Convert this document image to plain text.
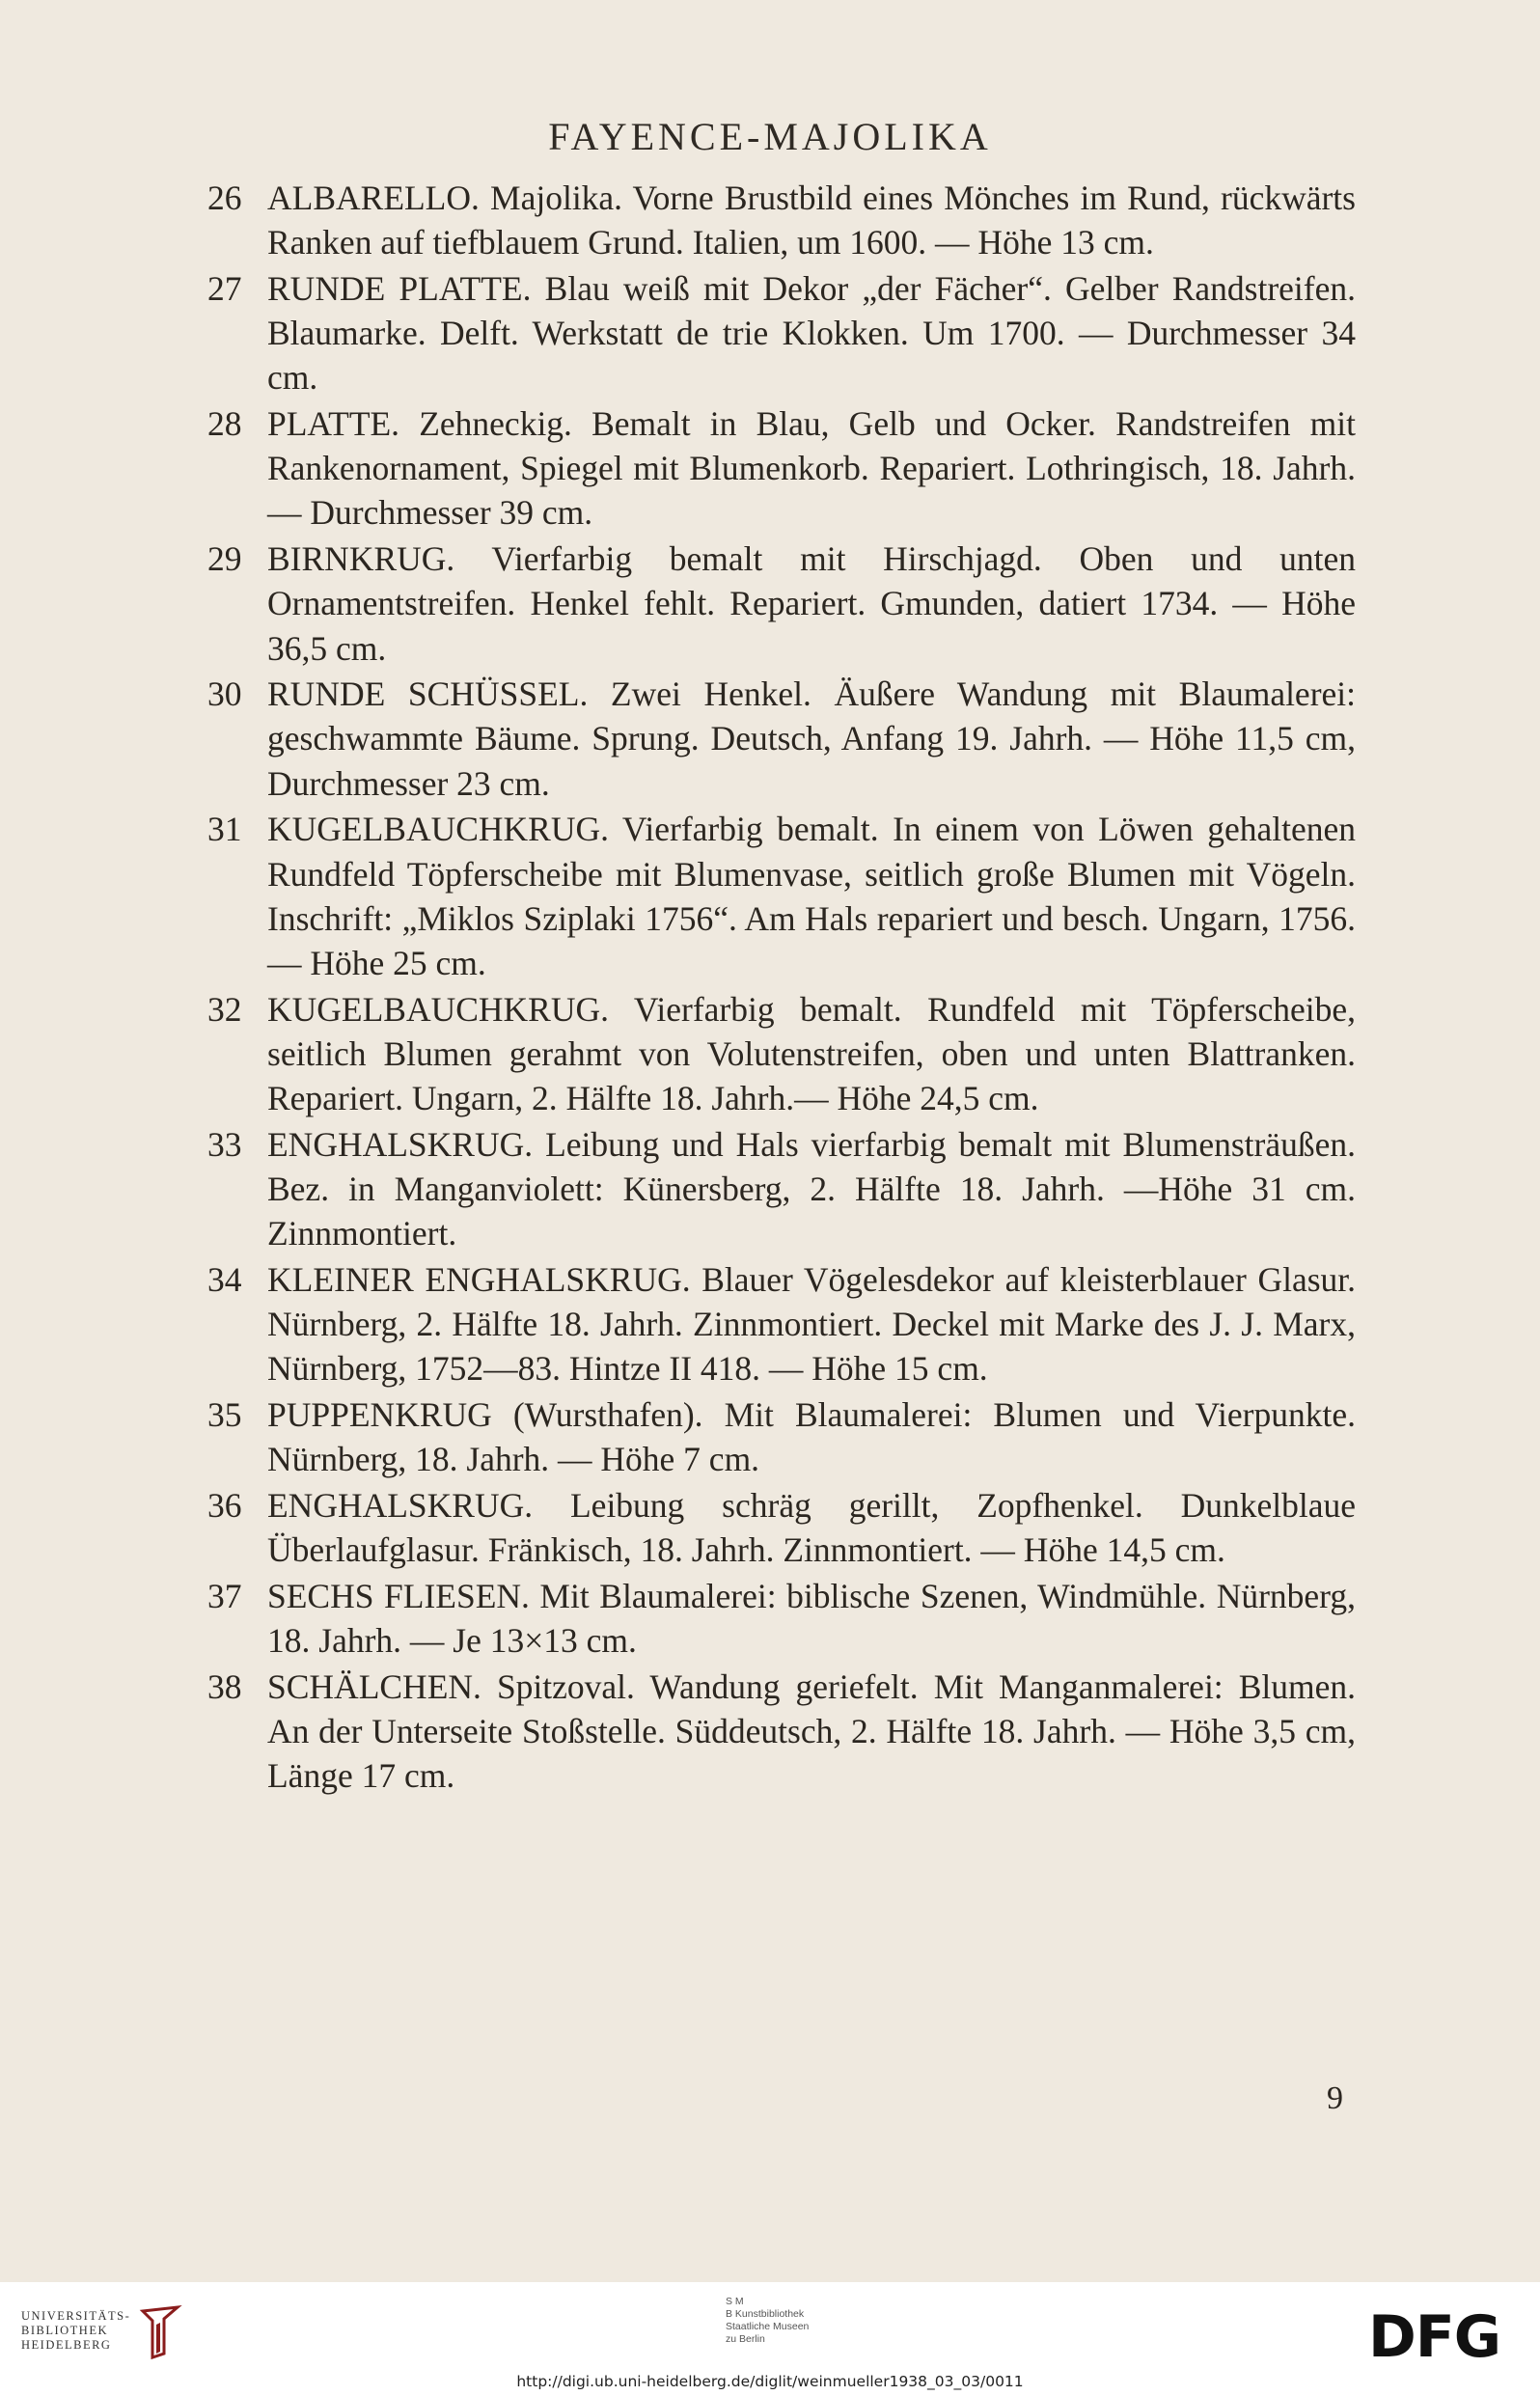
FAYENCE-MAJOLIKA
26 ALBARELLO. Majolika. Vorne Brustbild eines Mönches im Rund, rückwärts Ranken auf tiefblauem Grund. Italien, um 1600. — Höhe 13 cm.
27 RUNDE PLATTE. Blau weiß mit Dekor „der Fächer“. Gelber Randstreifen. Blaumarke. Delft. Werkstatt de trie Klokken. Um 1700. — Durchmesser 34 cm.
28 PLATTE. Zehneckig. Bemalt in Blau, Gelb und Ocker. Randstreifen mit Rankenornament, Spiegel mit Blumenkorb. Repariert. Lothringisch, 18. Jahrh. — Durchmesser 39 cm.
29 BIRNKRUG. Vierfarbig bemalt mit Hirschjagd. Oben und unten Ornamentstreifen. Henkel fehlt. Repariert. Gmunden, datiert 1734. — Höhe 36,5 cm.
30 RUNDE SCHÜSSEL. Zwei Henkel. Äußere Wandung mit Blaumalerei: geschwammte Bäume. Sprung. Deutsch, Anfang 19. Jahrh. — Höhe 11,5 cm, Durchmesser 23 cm.
31 KUGELBAUCHKRUG. Vierfarbig bemalt. In einem von Löwen gehaltenen Rundfeld Töpferscheibe mit Blumenvase, seitlich große Blumen mit Vögeln. Inschrift: „Miklos Sziplaki 1756“. Am Hals repariert und besch. Ungarn, 1756. — Höhe 25 cm.
32 KUGELBAUCHKRUG. Vierfarbig bemalt. Rundfeld mit Töpferscheibe, seitlich Blumen gerahmt von Volutenstreifen, oben und unten Blattranken. Repariert. Ungarn, 2. Hälfte 18. Jahrh.— Höhe 24,5 cm.
33 ENGHALSKRUG. Leibung und Hals vierfarbig bemalt mit Blumensträußen. Bez. in Manganviolett: Künersberg, 2. Hälfte 18. Jahrh. —Höhe 31 cm. Zinnmontiert.
34 KLEINER ENGHALSKRUG. Blauer Vögelesdekor auf kleisterblauer Glasur. Nürnberg, 2. Hälfte 18. Jahrh. Zinnmontiert. Deckel mit Marke des J. J. Marx, Nürnberg, 1752—83. Hintze II 418. — Höhe 15 cm.
35 PUPPENKRUG (Wursthafen). Mit Blaumalerei: Blumen und Vierpunkte. Nürnberg, 18. Jahrh. — Höhe 7 cm.
36 ENGHALSKRUG. Leibung schräg gerillt, Zopfhenkel. Dunkelblaue Überlaufglasur. Fränkisch, 18. Jahrh. Zinnmontiert. — Höhe 14,5 cm.
37 SECHS FLIESEN. Mit Blaumalerei: biblische Szenen, Windmühle. Nürnberg, 18. Jahrh. — Je 13×13 cm.
38 SCHÄLCHEN. Spitzoval. Wandung geriefelt. Mit Manganmalerei: Blumen. An der Unterseite Stoßstelle. Süddeutsch, 2. Hälfte 18. Jahrh. — Höhe 3,5 cm, Länge 17 cm.
9
UNIVERSITÄTS-
BIBLIOTHEK
HEIDELBERG
S M
B Kunstbibliothek
Staatliche Museen
zu Berlin	DFG
http://digi.ub.uni-heidelberg.de/diglit/weinmueller1938_03_03/0011
